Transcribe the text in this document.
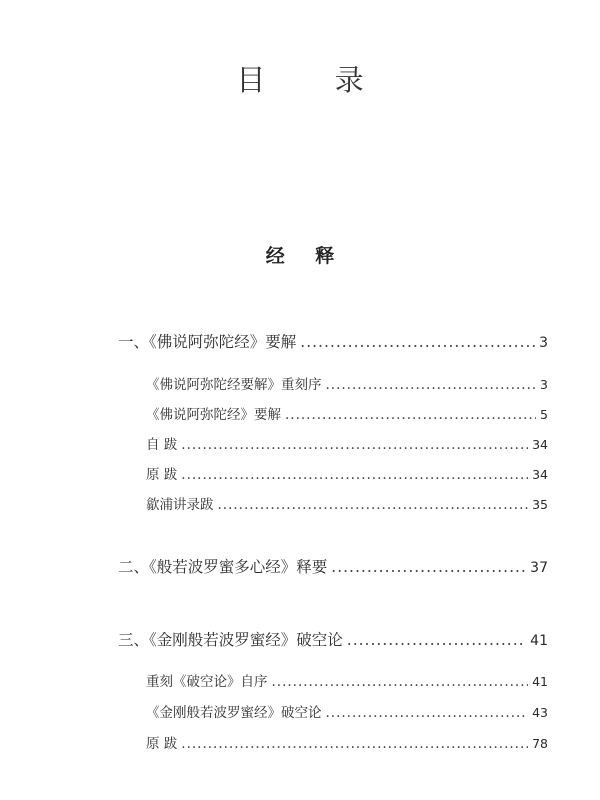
目 录
经 释
一、《佛说阿弥陀经》要解 .....	3
《佛说阿弥陀经要解》重刻序 .....	3
《佛说阿弥陀经》要解 .....	5
自 跋 .....	34
原 跋 .....	34
歙浦讲录跋 .....	35
二、《般若波罗蜜多心经》释要 .....	37
三、《金刚般若波罗蜜经》破空论 .....	41
重刻《破空论》自序 .....	41
《金刚般若波罗蜜经》破空论 .....	43
原 跋 .....	78
